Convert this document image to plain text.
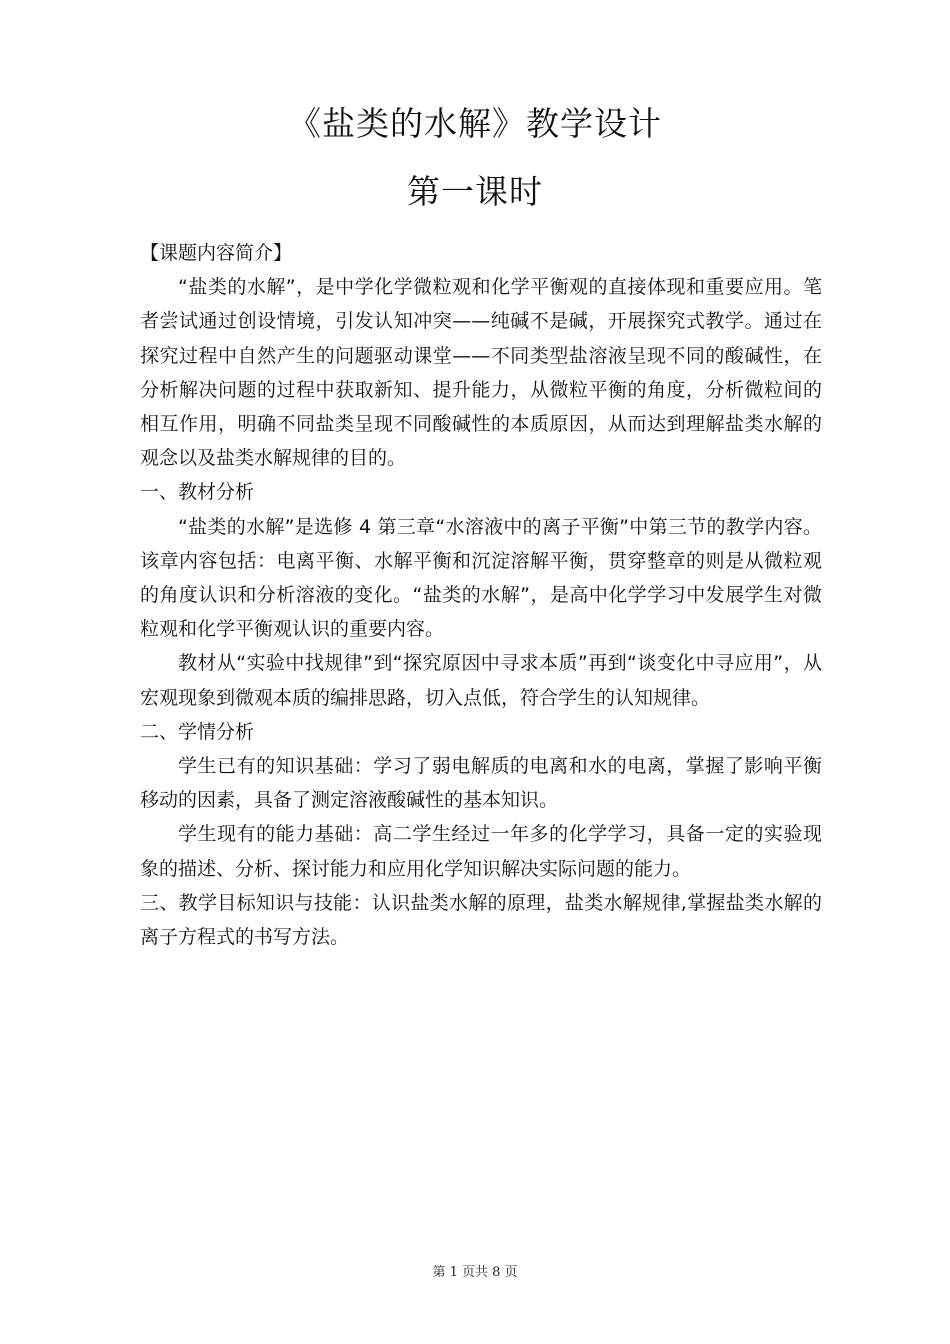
《盐类的水解》教学设计
第一课时

【课题内容简介】

“盐类的水解”，是中学化学微粒观和化学平衡观的直接体现和重要应用。笔者尝试通过创设情境，引发认知冲突——纯碱不是碱，开展探究式教学。通过在探究过程中自然产生的问题驱动课堂——不同类型盐溶液呈现不同的酸碱性，在分析解决问题的过程中获取新知、提升能力，从微粒平衡的角度，分析微粒间的相互作用，明确不同盐类呈现不同酸碱性的本质原因，从而达到理解盐类水解的观念以及盐类水解规律的目的。

一、教材分析

“盐类的水解”是选修 4 第三章“水溶液中的离子平衡”中第三节的教学内容。该章内容包括：电离平衡、水解平衡和沉淀溶解平衡，贯穿整章的则是从微粒观的角度认识和分析溶液的变化。“盐类的水解”，是高中化学学习中发展学生对微粒观和化学平衡观认识的重要内容。

教材从“实验中找规律”到“探究原因中寻求本质”再到“谈变化中寻应用”，从宏观现象到微观本质的编排思路，切入点低，符合学生的认知规律。

二、学情分析

学生已有的知识基础：学习了弱电解质的电离和水的电离，掌握了影响平衡移动的因素，具备了测定溶液酸碱性的基本知识。

学生现有的能力基础：高二学生经过一年多的化学学习，具备一定的实验现象的描述、分析、探讨能力和应用化学知识解决实际问题的能力。

三、教学目标知识与技能：认识盐类水解的原理，盐类水解规律,掌握盐类水解的离子方程式的书写方法。

第 1 页共 8 页
